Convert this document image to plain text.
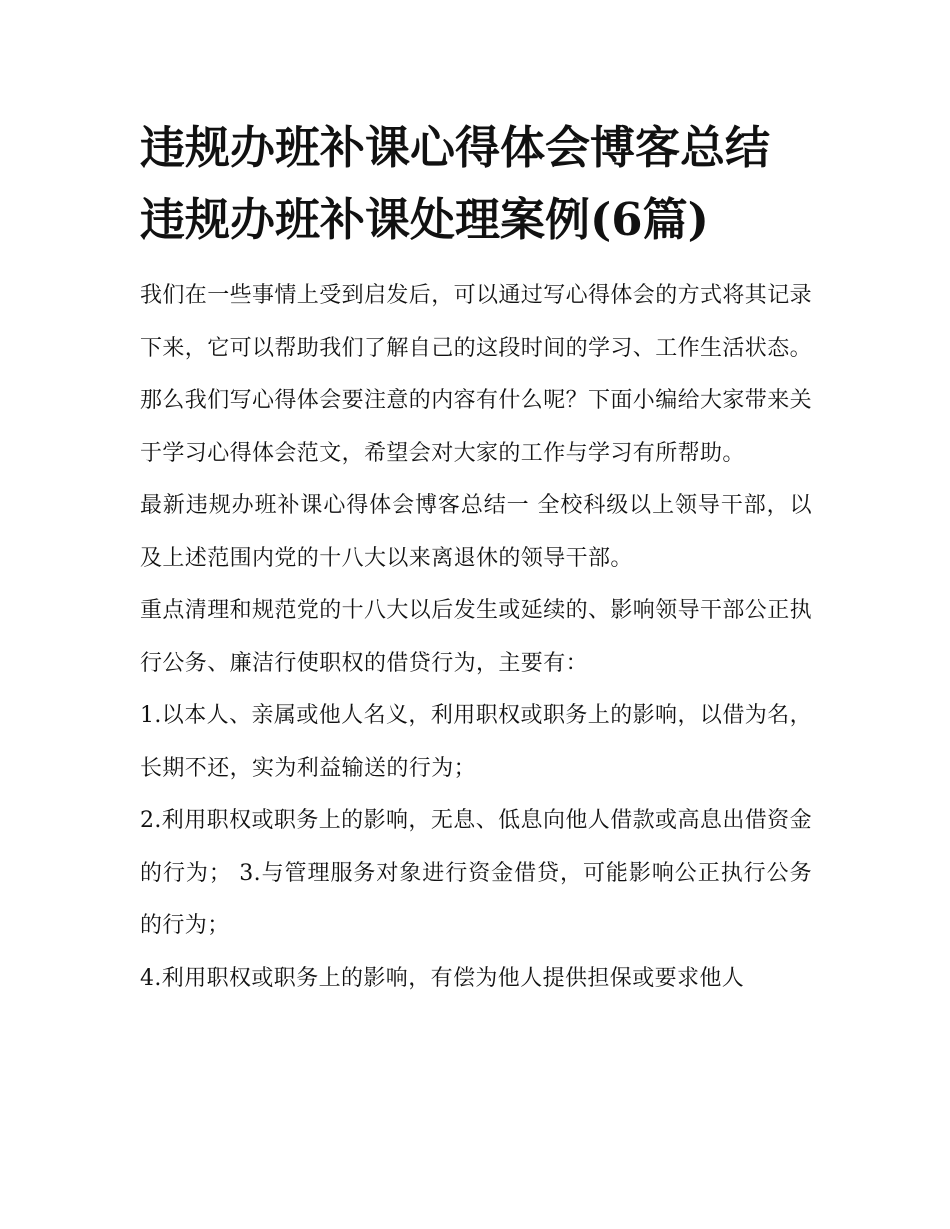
违规办班补课心得体会博客总结 违规办班补课处理案例(6篇)

我们在一些事情上受到启发后，可以通过写心得体会的方式将其记录下来，它可以帮助我们了解自己的这段时间的学习、工作生活状态。那么我们写心得体会要注意的内容有什么呢？下面小编给大家带来关于学习心得体会范文，希望会对大家的工作与学习有所帮助。

最新违规办班补课心得体会博客总结一 全校科级以上领导干部，以及上述范围内党的十八大以来离退休的领导干部。

重点清理和规范党的十八大以后发生或延续的、影响领导干部公正执行公务、廉洁行使职权的借贷行为，主要有：

1.以本人、亲属或他人名义，利用职权或职务上的影响，以借为名，长期不还，实为利益输送的行为；

2.利用职权或职务上的影响，无息、低息向他人借款或高息出借资金的行为； 3.与管理服务对象进行资金借贷，可能影响公正执行公务的行为；

4.利用职权或职务上的影响，有偿为他人提供担保或要求他人
